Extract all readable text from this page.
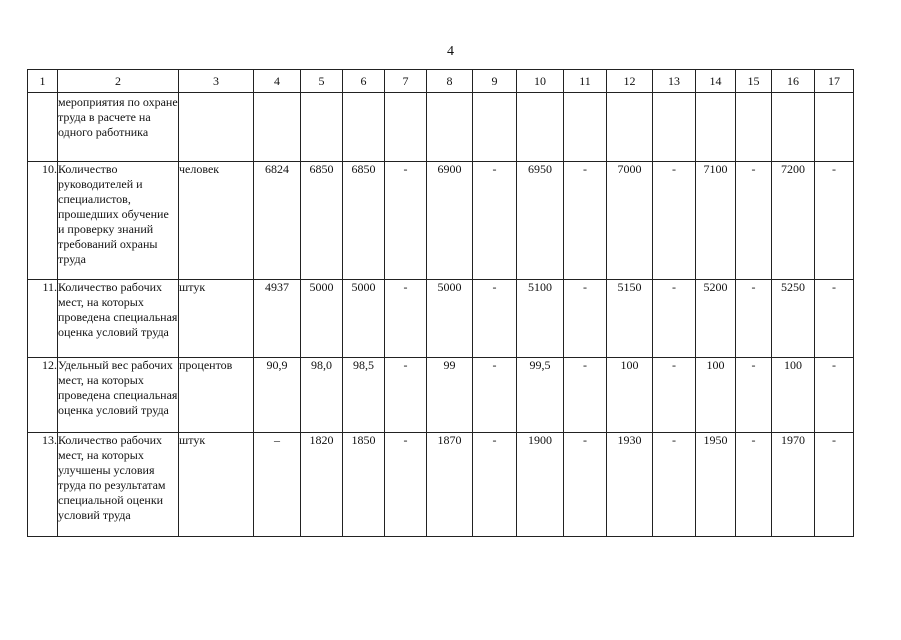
4
1	2	3	4	5	6	7	8	9	10	11	12	13	14	15	16	17
	мероприятия по охране труда в расчете на одного работника															
10.	Количество руководителей и специалистов, прошедших обучение и проверку знаний требований охраны труда	человек	6824	6850	6850	-	6900	-	6950	-	7000	-	7100	-	7200	-
11.	Количество рабочих мест, на которых проведена специальная оценка условий труда	штук	4937	5000	5000	-	5000	-	5100	-	5150	-	5200	-	5250	-
12.	Удельный вес рабочих мест, на которых проведена специальная оценка условий труда	процентов	90,9	98,0	98,5	-	99	-	99,5	-	100	-	100	-	100	-
13.	Количество рабочих мест, на которых улучшены условия труда по результатам специальной оценки условий труда	штук	–	1820	1850	-	1870	-	1900	-	1930	-	1950	-	1970	-
